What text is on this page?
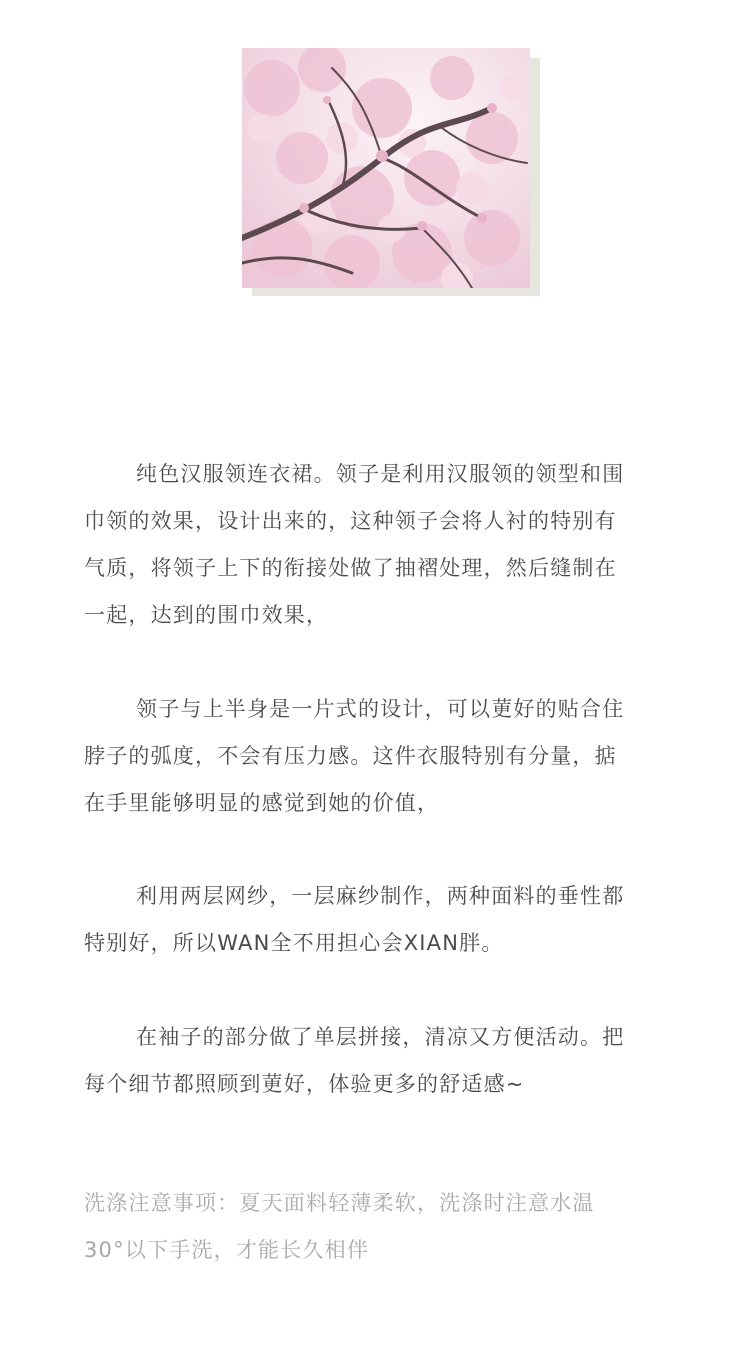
纯色汉服领连衣裙。领子是利用汉服领的领型和围
巾领的效果，设计出来的，这种领子会将人衬的特别有
气质，将领子上下的衔接处做了抽褶处理，然后缝制在
一起，达到的围巾效果，
领子与上半身是一片式的设计，可以莄好的贴合住
脖子的弧度，不会有压力感。这件衣服特别有分量，掂
在手里能够明显的感觉到她的价值，
利用两层网纱，一层麻纱制作，两种面料的垂性都
特别好，所以WAN全不用担心会XIAN胖。
在袖子的部分做了单层拼接，清凉又方便活动。把
每个细节都照顾到莄好，体验更多的舒适感~
洗涤注意事项：夏天面料轻薄柔软，洗涤时注意水温
30°以下手洗，才能长久相伴
